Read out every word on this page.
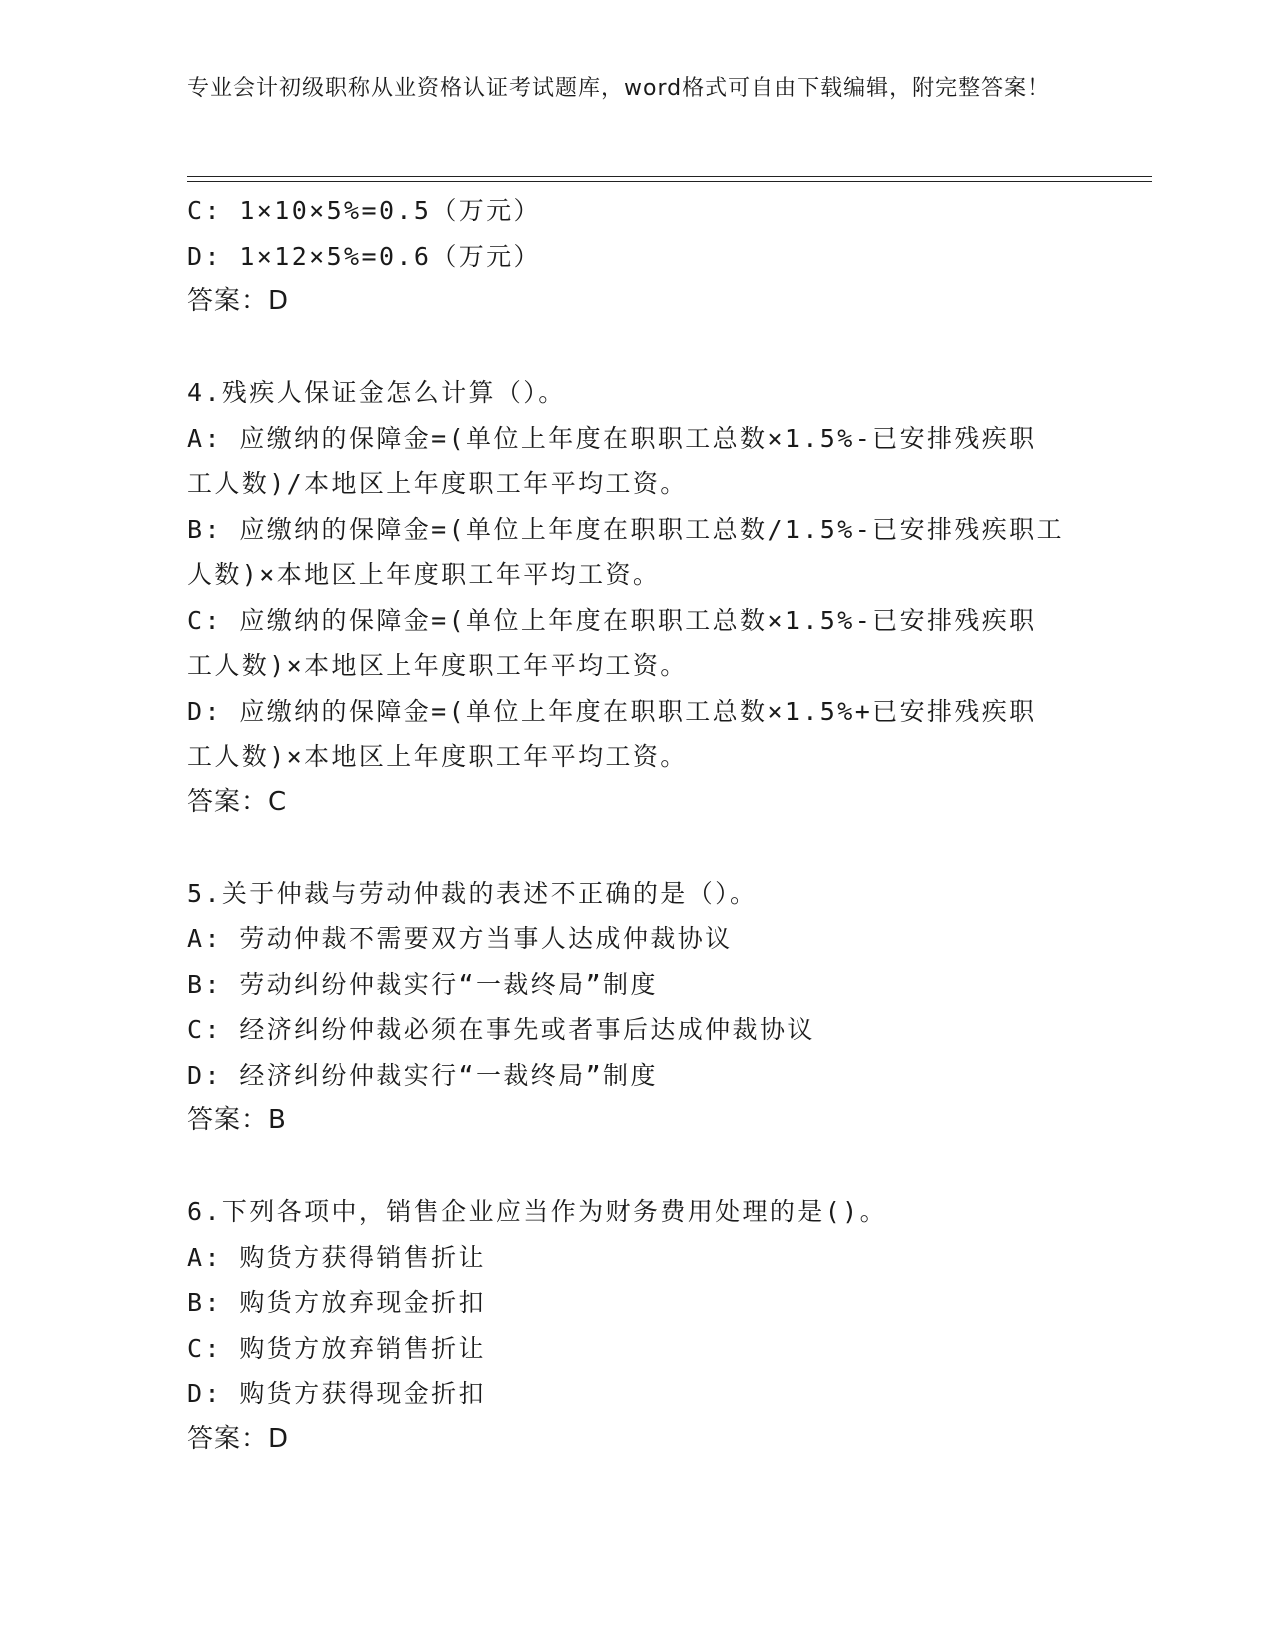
专业会计初级职称从业资格认证考试题库，word格式可自由下载编辑，附完整答案！
C: 1×10×5%=0.5（万元）
D: 1×12×5%=0.6（万元）
答案：D
4.残疾人保证金怎么计算（）。
A: 应缴纳的保障金=(单位上年度在职职工总数×1.5%-已安排残疾职
工人数)/本地区上年度职工年平均工资。
B: 应缴纳的保障金=(单位上年度在职职工总数/1.5%-已安排残疾职工
人数)×本地区上年度职工年平均工资。
C: 应缴纳的保障金=(单位上年度在职职工总数×1.5%-已安排残疾职
工人数)×本地区上年度职工年平均工资。
D: 应缴纳的保障金=(单位上年度在职职工总数×1.5%+已安排残疾职
工人数)×本地区上年度职工年平均工资。
答案：C
5.关于仲裁与劳动仲裁的表述不正确的是（）。
A: 劳动仲裁不需要双方当事人达成仲裁协议
B: 劳动纠纷仲裁实行“一裁终局”制度
C: 经济纠纷仲裁必须在事先或者事后达成仲裁协议
D: 经济纠纷仲裁实行“一裁终局”制度
答案：B
6.下列各项中，销售企业应当作为财务费用处理的是()。
A: 购货方获得销售折让
B: 购货方放弃现金折扣
C: 购货方放弃销售折让
D: 购货方获得现金折扣
答案：D
